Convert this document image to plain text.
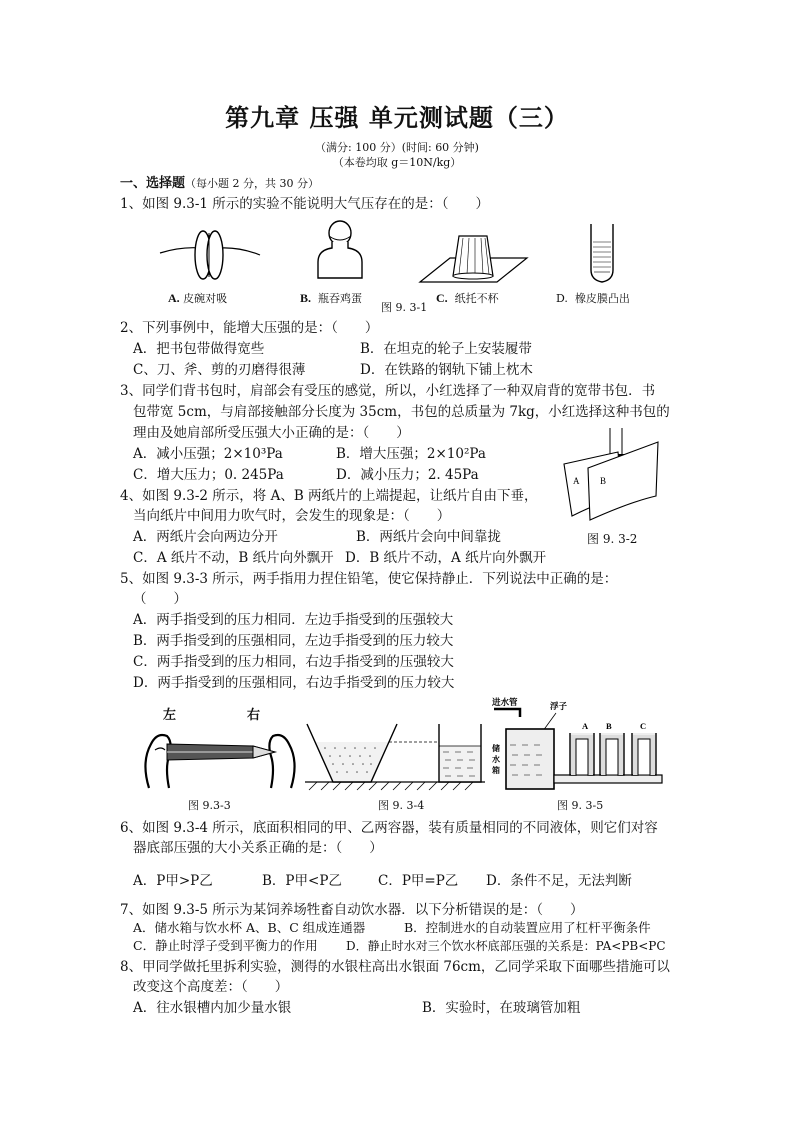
第九章 压强 单元测试题（三）
（满分: 100 分）(时间: 60 分钟)
（本卷均取 g＝10N/kg）
一、选择题（每小题 2 分，共 30 分）
1、如图 9.3-1 所示的实验不能说明大气压存在的是：（　　）
A. 皮碗对吸	B. 瓶吞鸡蛋	C. 纸托不杯	D. 橡皮膜凸出
图 9. 3-1
2、下列事例中，能增大压强的是：（　　）
A．把书包带做得宽些	B．在坦克的轮子上安装履带
C、刀、斧、剪的刃磨得很薄	D．在铁路的钢轨下铺上枕木
3、同学们背书包时，肩部会有受压的感觉，所以，小红选择了一种双肩背的宽带书包．书
包带宽 5cm，与肩部接触部分长度为 35cm，书包的总质量为 7kg，小红选择这种书包的
理由及她肩部所受压强大小正确的是：（　　）
A．减小压强；2×10³Pa	B．增大压强；2×10²Pa
C．增大压力；0. 245Pa	D．减小压力；2. 45Pa	A B
4、如图 9.3-2 所示，将 A、B 两纸片的上端提起，让纸片自由下垂，
当向纸片中间用力吹气时，会发生的现象是：（　　）
A．两纸片会向两边分开	B．两纸片会向中间靠拢	图 9. 3-2
C．A 纸片不动，B 纸片向外飘开 D．B 纸片不动，A 纸片向外飘开
5、如图 9.3-3 所示，两手指用力捏住铅笔，使它保持静止．下列说法中正确的是：
（　　）
A．两手指受到的压力相同．左边手指受到的压强较大
B．两手指受到的压强相同，左边手指受到的压力较大
C．两手指受到的压力相同，右边手指受到的压强较大
D．两手指受到的压强相同，右边手指受到的压力较大
左	右
图 9.3-3	图 9. 3-4
进水管	浮子
A B	C
储
水
箱
图 9. 3-5
6、如图 9.3-4 所示，底面积相同的甲、乙两容器，装有质量相同的不同液体，则它们对容
器底部压强的大小关系正确的是：（　　）
A．P甲>P乙	B．P甲<P乙	C．P甲=P乙 D．条件不足，无法判断
7、如图 9.3-5 所示为某饲养场牲畜自动饮水器．以下分析错误的是：（　　）
A．储水箱与饮水杯 A、B、C 组成连通器	B．控制进水的自动装置应用了杠杆平衡条件
C．静止时浮子受到平衡力的作用 D．静止时水对三个饮水杯底部压强的关系是：PA<PB<PC
8、甲同学做托里拆利实验，测得的水银柱高出水银面 76cm，乙同学采取下面哪些措施可以
改变这个高度差：（　　）
A．往水银槽内加少量水银	B．实验时，在玻璃管加粗
